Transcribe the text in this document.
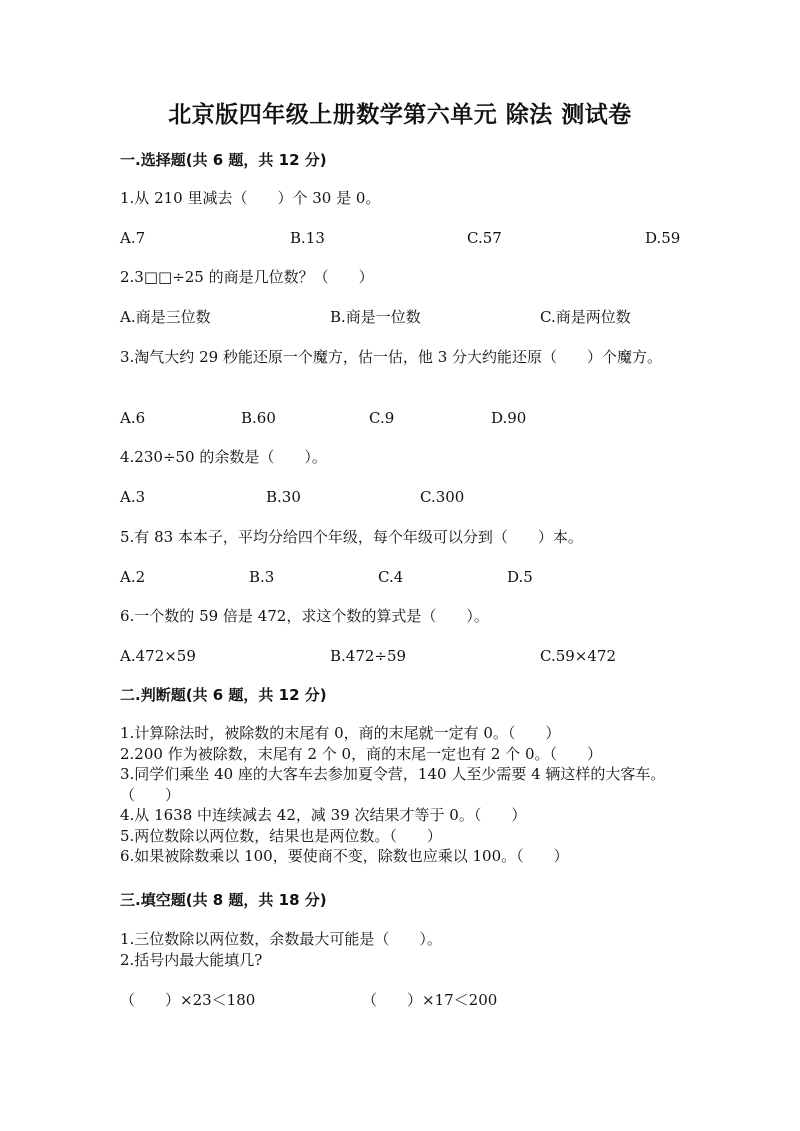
北京版四年级上册数学第六单元 除法 测试卷
一.选择题(共 6 题，共 12 分)
1.从 210 里减去（　　）个 30 是 0。
A.7	B.13	C.57	D.59
2.3□□÷25 的商是几位数？（　　）
A.商是三位数	B.商是一位数	C.商是两位数
3.淘气大约 29 秒能还原一个魔方，估一估，他 3 分大约能还原（　　）个魔方。
A.6	B.60	C.9	D.90
4.230÷50 的余数是（　　）。
A.3	B.30	C.300
5.有 83 本本子，平均分给四个年级，每个年级可以分到（　　）本。
A.2	B.3	C.4	D.5
6.一个数的 59 倍是 472，求这个数的算式是（　　）。
A.472×59	B.472÷59	C.59×472
二.判断题(共 6 题，共 12 分)
1.计算除法时，被除数的末尾有 0，商的末尾就一定有 0。（　　）
2.200 作为被除数，末尾有 2 个 0，商的末尾一定也有 2 个 0。（　　）
3.同学们乘坐 40 座的大客车去参加夏令营，140 人至少需要 4 辆这样的大客车。（　　）
4.从 1638 中连续减去 42，减 39 次结果才等于 0。（　　）
5.两位数除以两位数，结果也是两位数。（　　）
6.如果被除数乘以 100，要使商不变，除数也应乘以 100。（　　）
三.填空题(共 8 题，共 18 分)
1.三位数除以两位数，余数最大可能是（　　）。
2.括号内最大能填几?
（　　）×23＜180	（　　）×17＜200
